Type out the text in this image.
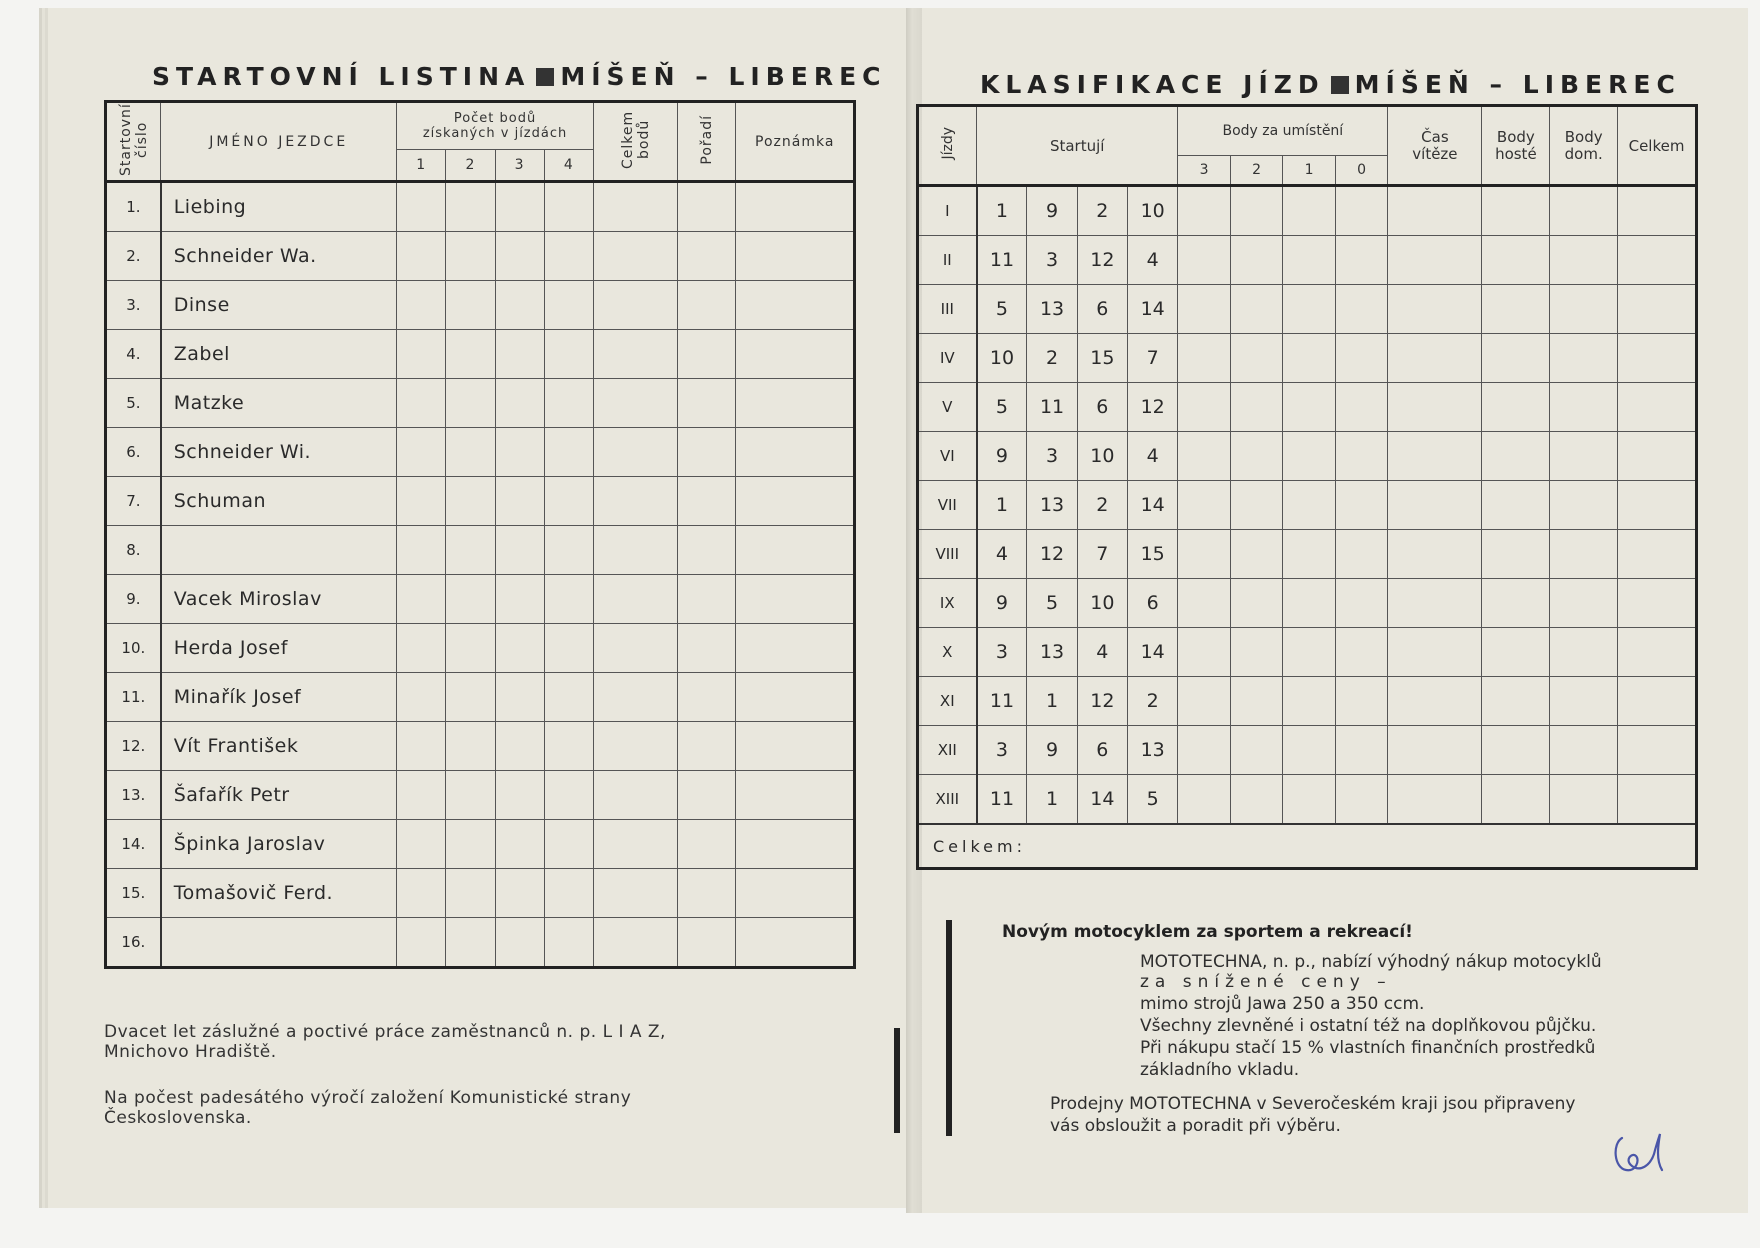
STARTOVNÍ LISTINA MÍŠEŇ – LIBEREC
Startovní číslo	JMÉNO JEZDCE	Počet bodů získaných v jízdách				Celkem bodů	Pořadí	Poznámka
		1	2	3	4			
1.	Liebing							
2.	Schneider Wa.							
3.	Dinse							
4.	Zabel							
5.	Matzke							
6.	Schneider Wi.							
7.	Schuman							
8.								
9.	Vacek Miroslav							
10.	Herda Josef							
11.	Minařík Josef							
12.	Vít František							
13.	Šafařík Petr							
14.	Špinka Jaroslav							
15.	Tomašovič Ferd.							
16.								
Dvacet let záslužné a poctivé práce zaměstnanců n. p. L I A Z,
Mnichovo Hradiště.
Na počest padesátého výročí založení Komunistické strany
Československa.
KLASIFIKACE JÍZD MÍŠEŇ – LIBEREC
Jízdy	Startují				Body za umístění				Čas vítěze	Body hosté	Body dom.	Celkem
					3	2	1	0				
I	1	9	2	10								
II	11	3	12	4								
III	5	13	6	14								
IV	10	2	15	7								
V	5	11	6	12								
VI	9	3	10	4								
VII	1	13	2	14								
VIII	4	12	7	15								
IX	9	5	10	6								
X	3	13	4	14								
XI	11	1	12	2								
XII	3	9	6	13								
XIII	11	1	14	5								
Celkem:												
Novým motocyklem za sportem a rekreací!
MOTOTECHNA, n. p., nabízí výhodný nákup motocyklů
za snížené ceny –
mimo strojů Jawa 250 a 350 ccm.
Všechny zlevněné i ostatní též na doplňkovou půjčku.
Při nákupu stačí 15 % vlastních finančních prostředků
základního vkladu.
Prodejny MOTOTECHNA v Severočeském kraji jsou připraveny
vás obsloužit a poradit při výběru.
